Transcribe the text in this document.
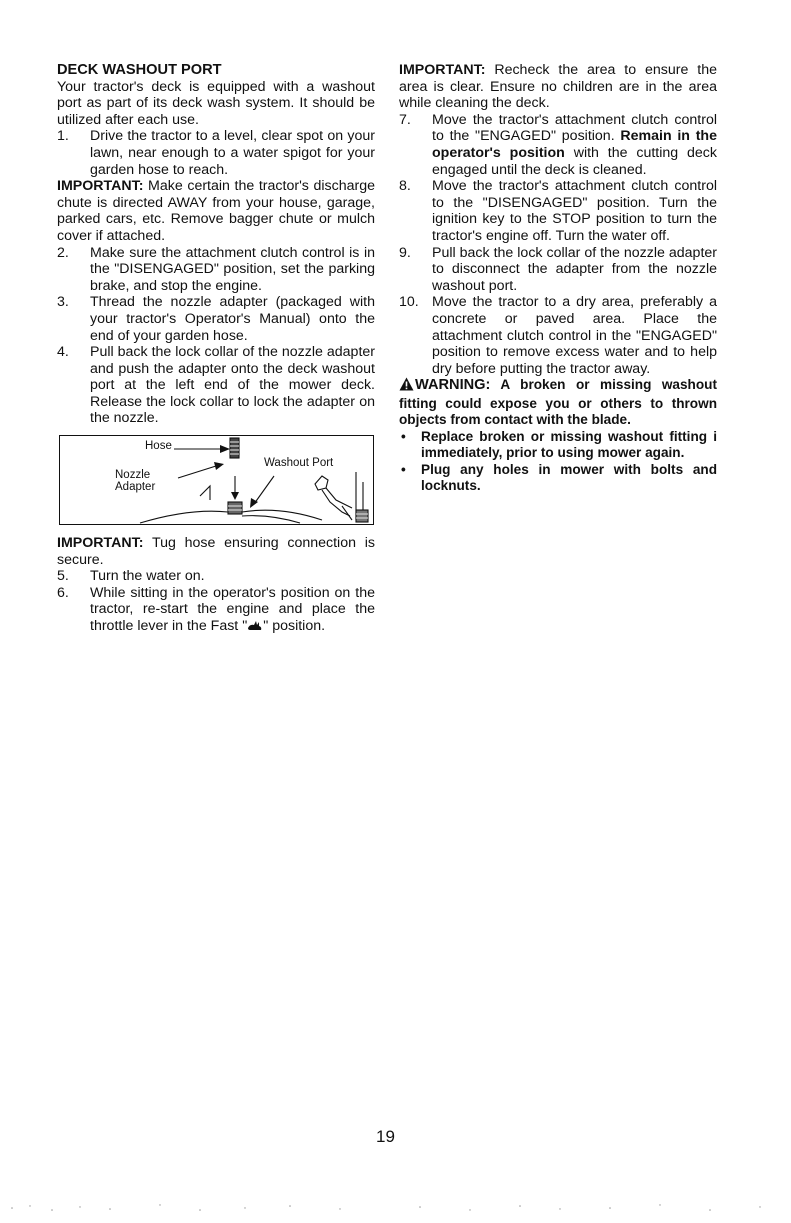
DECK WASHOUT PORT

Your tractor's deck is equipped with a washout port as part of its deck wash system. It should be utilized after each use.

1. Drive the tractor to a level, clear spot on your lawn, near enough to a water spigot for your garden hose to reach.

IMPORTANT: Make certain the tractor's discharge chute is directed AWAY from your house, garage, parked cars, etc. Remove bagger chute or mulch cover if attached.

2. Make sure the attachment clutch control is in the "DISENGAGED" position, set the parking brake, and stop the engine.
3. Thread the nozzle adapter (packaged with your tractor's Operator's Manual) onto the end of your garden hose.
4. Pull back the lock collar of the nozzle adapter and push the adapter onto the deck washout port at the left end of the mower deck. Release the lock collar to lock the adapter on the nozzle.
Hose
Nozzle
Adapter
Washout Port

IMPORTANT: Tug hose ensuring connection is secure.

5. Turn the water on.
6. While sitting in the operator's position on the tractor, re-start the engine and place the throttle lever in the Fast " " position.

IMPORTANT: Recheck the area to ensure the area is clear. Ensure no children are in the area while cleaning the deck.

7. Move the tractor's attachment clutch control to the "ENGAGED" position. Remain in the operator's position with the cutting deck engaged until the deck is cleaned.
8. Move the tractor's attachment clutch control to the "DISENGAGED" position. Turn the ignition key to the STOP position to turn the tractor's engine off. Turn the water off.
9. Pull back the lock collar of the nozzle adapter to disconnect the adapter from the nozzle washout port.
10. Move the tractor to a dry area, preferably a concrete or paved area. Place the attachment clutch control in the "ENGAGED" position to remove excess water and to help dry before putting the tractor away.

WARNING: A broken or missing washout fitting could expose you or others to thrown objects from contact with the blade.

• Replace broken or missing washout fitting i immediately, prior to using mower again.
• Plug any holes in mower with bolts and locknuts.
19
